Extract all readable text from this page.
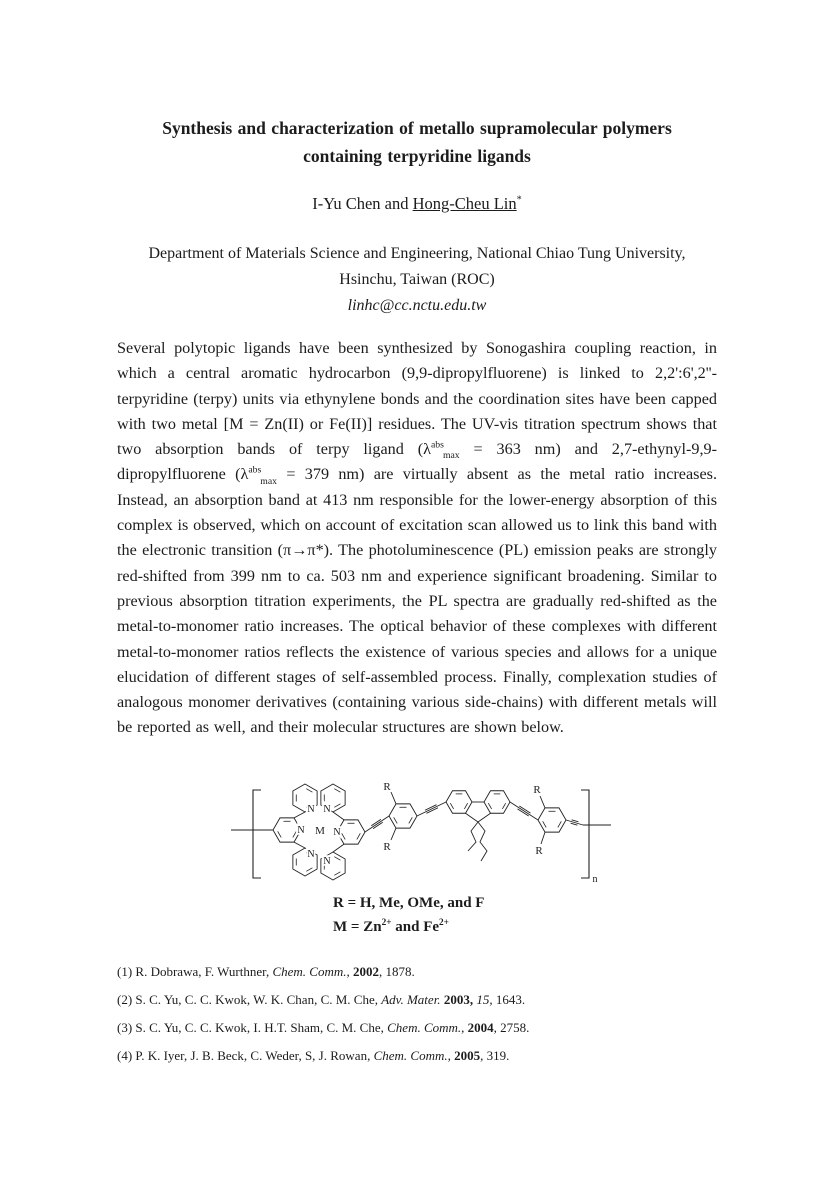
Synthesis and characterization of metallo supramolecular polymers
containing terpyridine ligands
I-Yu Chen and Hong-Cheu Lin*
Department of Materials Science and Engineering, National Chiao Tung University,
Hsinchu, Taiwan (ROC)
linhc@cc.nctu.edu.tw
Several polytopic ligands have been synthesized by Sonogashira coupling reaction, in which a central aromatic hydrocarbon (9,9-dipropylfluorene) is linked to 2,2':6',2''-terpyridine (terpy) units via ethynylene bonds and the coordination sites have been capped with two metal [M = Zn(II) or Fe(II)] residues. The UV-vis titration spectrum shows that two absorption bands of terpy ligand ($\lambda^{abs}_{max} = 363$ nm) and 2,7-ethynyl-9,9-dipropylfluorene ($\lambda^{abs}_{max} = 379$ nm) are virtually absent as the metal ratio increases. Instead, an absorption band at 413 nm responsible for the lower-energy absorption of this complex is observed, which on account of excitation scan allowed us to link this band with the electronic transition (π→π*). The photoluminescence (PL) emission peaks are strongly red-shifted from 399 nm to ca. 503 nm and experience significant broadening. Similar to previous absorption titration experiments, the PL spectra are gradually red-shifted as the metal-to-monomer ratio increases. The optical behavior of these complexes with different metal-to-monomer ratios reflects the existence of various species and allows for a unique elucidation of different stages of self-assembled process. Finally, complexation studies of analogous monomer derivatives (containing various side-chains) with different metals will be reported as well, and their molecular structures are shown below.
N
N
N
N
N
N
M
R
R
R
R
n
R = H, Me, OMe, and F
$M = Zn^{2+}$ and $Fe^{2+}$
(1) R. Dobrawa, F. Wurthner, Chem. Comm., 2002, 1878.
(2) S. C. Yu, C. C. Kwok, W. K. Chan, C. M. Che, Adv. Mater. 2003, 15, 1643.
(3) S. C. Yu, C. C. Kwok, I. H.T. Sham, C. M. Che, Chem. Comm., 2004, 2758.
(4) P. K. Iyer, J. B. Beck, C. Weder, S, J. Rowan, Chem. Comm., 2005, 319.
